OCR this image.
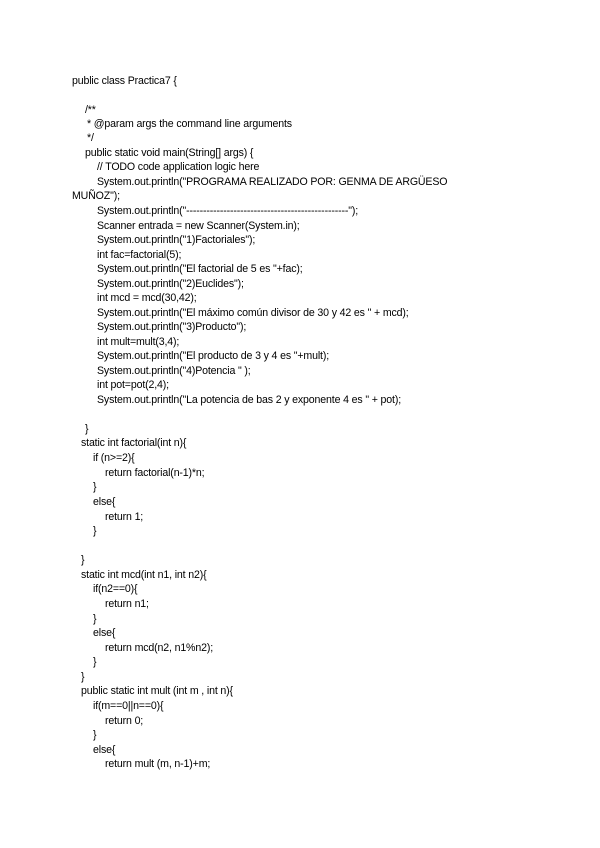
public class Practica7 {
/**
* @param args the command line arguments
*/
public static void main(String[] args) {
// TODO code application logic here
System.out.println("PROGRAMA REALIZADO POR: GENMA DE ARGÜESO
MUÑOZ");
System.out.println("------------------------------------------------");
Scanner entrada = new Scanner(System.in);
System.out.println("1)Factoriales");
int fac=factorial(5);
System.out.println("El factorial de 5 es "+fac);
System.out.println("2)Euclides");
int mcd = mcd(30,42);
System.out.println("El máximo común divisor de 30 y 42 es " + mcd);
System.out.println("3)Producto");
int mult=mult(3,4);
System.out.println("El producto de 3 y 4 es "+mult);
System.out.println("4)Potencia " );
int pot=pot(2,4);
System.out.println("La potencia de bas 2 y exponente 4 es " + pot);
}
static int factorial(int n){
if (n>=2){
return factorial(n-1)*n;
}
else{
return 1;
}
}
static int mcd(int n1, int n2){
if(n2==0){
return n1;
}
else{
return mcd(n2, n1%n2);
}
}
public static int mult (int m , int n){
if(m==0||n==0){
return 0;
}
else{
return mult (m, n-1)+m;
